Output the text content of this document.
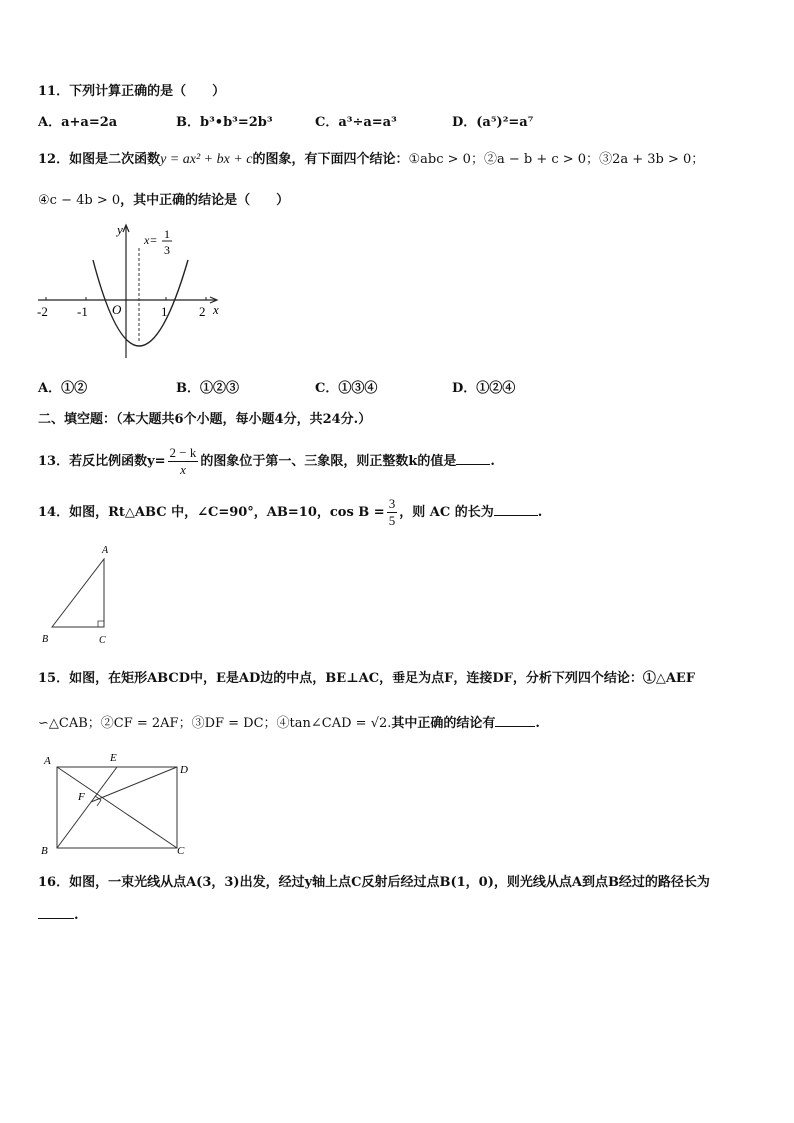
11．下列计算正确的是（　　）
A．a+a=2a	B．b³•b³=2b³	C．a³÷a=a³	D．(a⁵)²=a⁷
12．如图是二次函数y = ax² + bx + c的图象，有下面四个结论：①abc > 0；②a − b + c > 0；③2a + 3b > 0；
④c − 4b > 0，其中正确的结论是（　　）
y
x
O
-2 -1	1 2
x= 1
3
A．①②	B．①②③	C．①③④	D．①②④
二、填空题：（本大题共6个小题，每小题4分，共24分.）
13．若反比例函数$y= \frac{2 - k}{x}$ 的图象位于第一、三象限，则正整数k的值是	.
14．如图，Rt△ABC 中，∠C=90°，AB=10，$\cos B = \frac{3}{5}$ ，则 AC 的长为	.
A
B	C
15．如图，在矩形ABCD中，E是AD边的中点，BE⊥AC，垂足为点F，连接DF，分析下列四个结论：①△AEF
∽△CAB；②CF = 2AF；③DF = DC；④tan∠CAD = √2.其中正确的结论有	.
A
B	C
D
E
F
16．如图，一束光线从点A(3，3)出发，经过y轴上点C反射后经过点B(1，0)，则光线从点A到点B经过的路径长为
.
